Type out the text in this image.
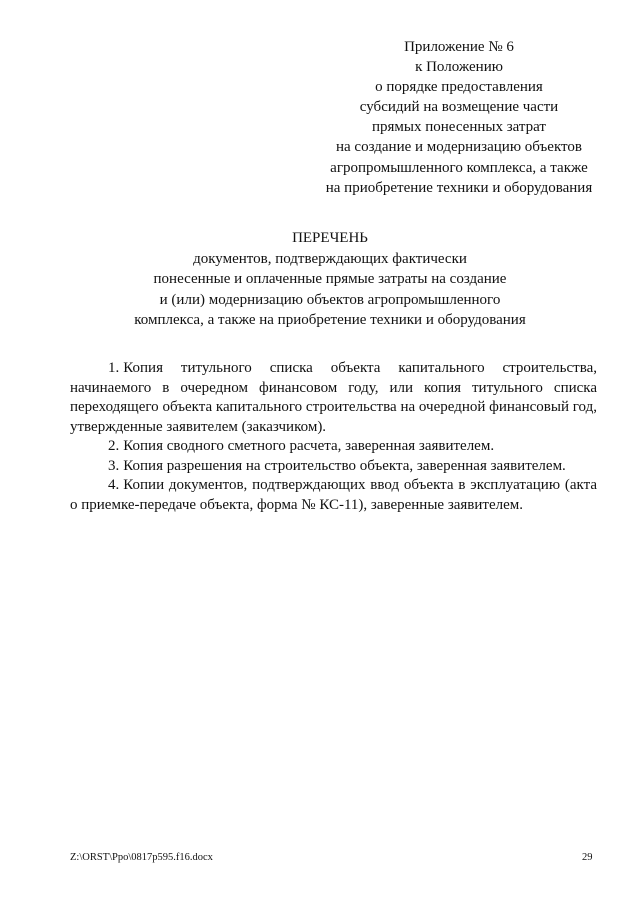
Приложение № 6
к Положению
о порядке предоставления
субсидий на возмещение части
прямых понесенных затрат
на создание и модернизацию объектов
агропромышленного комплекса, а также
на приобретение техники и оборудования
ПЕРЕЧЕНЬ
документов, подтверждающих фактически
понесенные и оплаченные прямые затраты на создание
и (или) модернизацию объектов агропромышленного
комплекса, а также на приобретение техники и оборудования
1. Копия титульного списка объекта капитального строительства, начинаемого в очередном финансовом году, или копия титульного списка переходящего объекта капитального строительства на очередной финансовый год, утвержденные заявителем (заказчиком).
2. Копия сводного сметного расчета, заверенная заявителем.
3. Копия разрешения на строительство объекта, заверенная заявителем.
4. Копии документов, подтверждающих ввод объекта в эксплуатацию (акта о приемке-передаче объекта, форма № КС-11), заверенные заявителем.
Z:\ORST\Ppo\0817p595.f16.docx	29
